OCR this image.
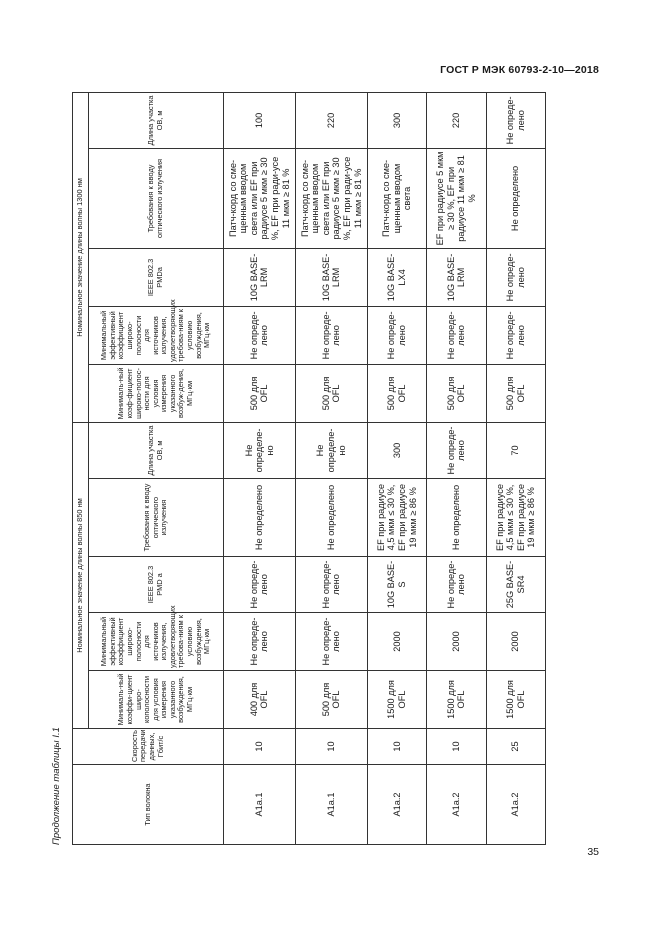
ГОСТ Р МЭК 60793-2-10—2018
Продолжение таблицы I.1	Тип волокна	Скорость передачи данных, Гбит/с	Номинальное значение длины волны 850 нм					Номинальное значение длины волны 1300 нм				
		Минималь-ный коэффи-циент широ-кополосности для условия измерения указанного возбуждения, МГц·км	Минимальный эффективный коэффициент широко-полосности для источников излучения, удовлетворяющих требова-ниям к условию возбуждения, МГц·км	IEEE 802.3 PMD a	Требования к вводу оптического излучения	Длина участка ОВ, м	Минималь-ный коэф-фициент широко-полос-ности для условия измерения указанного возбуж-дения, МГц·км	Минимальный эффективный коэффициент широко-полосности для источников излучения, удовлетворяющих требова-ниям к условию возбуждения, МГц·км	IEEE 802.3 PMDa	Требования к вводу оптического излучения	Длина участка ОВ, м
A1a.1	10	400 для OFL	Не опреде-лено	Не опреде-лено	Не определено	Не определе-но	500 для OFL	Не опреде-лено	10G BASE-LRM	Патч-корд со сме-щенным вводом света или EF при радиусе 5 мкм ≥ 30 %, EF при ради-усе 11 мкм ≥ 81 %	100
A1a.1	10	500 для OFL	Не опреде-лено	Не опреде-лено	Не определено	Не определе-но	500 для OFL	Не опреде-лено	10G BASE-LRM	Патч-корд со сме-щенным вводом света или EF при радиусе 5 мкм ≥ 30 %, EF при ради-усе 11 мкм ≥ 81 %	220
A1a.2	10	1500 для OFL	2000	10G BASE-S	EF при радиусе 4,5 мкм ≤ 30 %, EF при радиусе 19 мкм ≥ 86 %	300	500 для OFL	Не опреде-лено	10G BASE-LX4	Патч-корд со сме-щенным вводом света	300
A1a.2	10	1500 для OFL	2000	Не опреде-лено	Не определено	Не опреде-лено	500 для OFL	Не опреде-лено	10G BASE-LRM	EF при радиусе 5 мкм ≥ 30 %, EF при радиусе 11 мкм ≥ 81 %	220
A1a.2	25	1500 для OFL	2000	25G BASE-SR4	EF при радиусе 4,5 мкм ≤ 30 %, EF при радиусе 19 мкм ≥ 86 %	70	500 для OFL	Не опреде-лено	Не опреде-лено	Не определено	Не опреде-лено
35
